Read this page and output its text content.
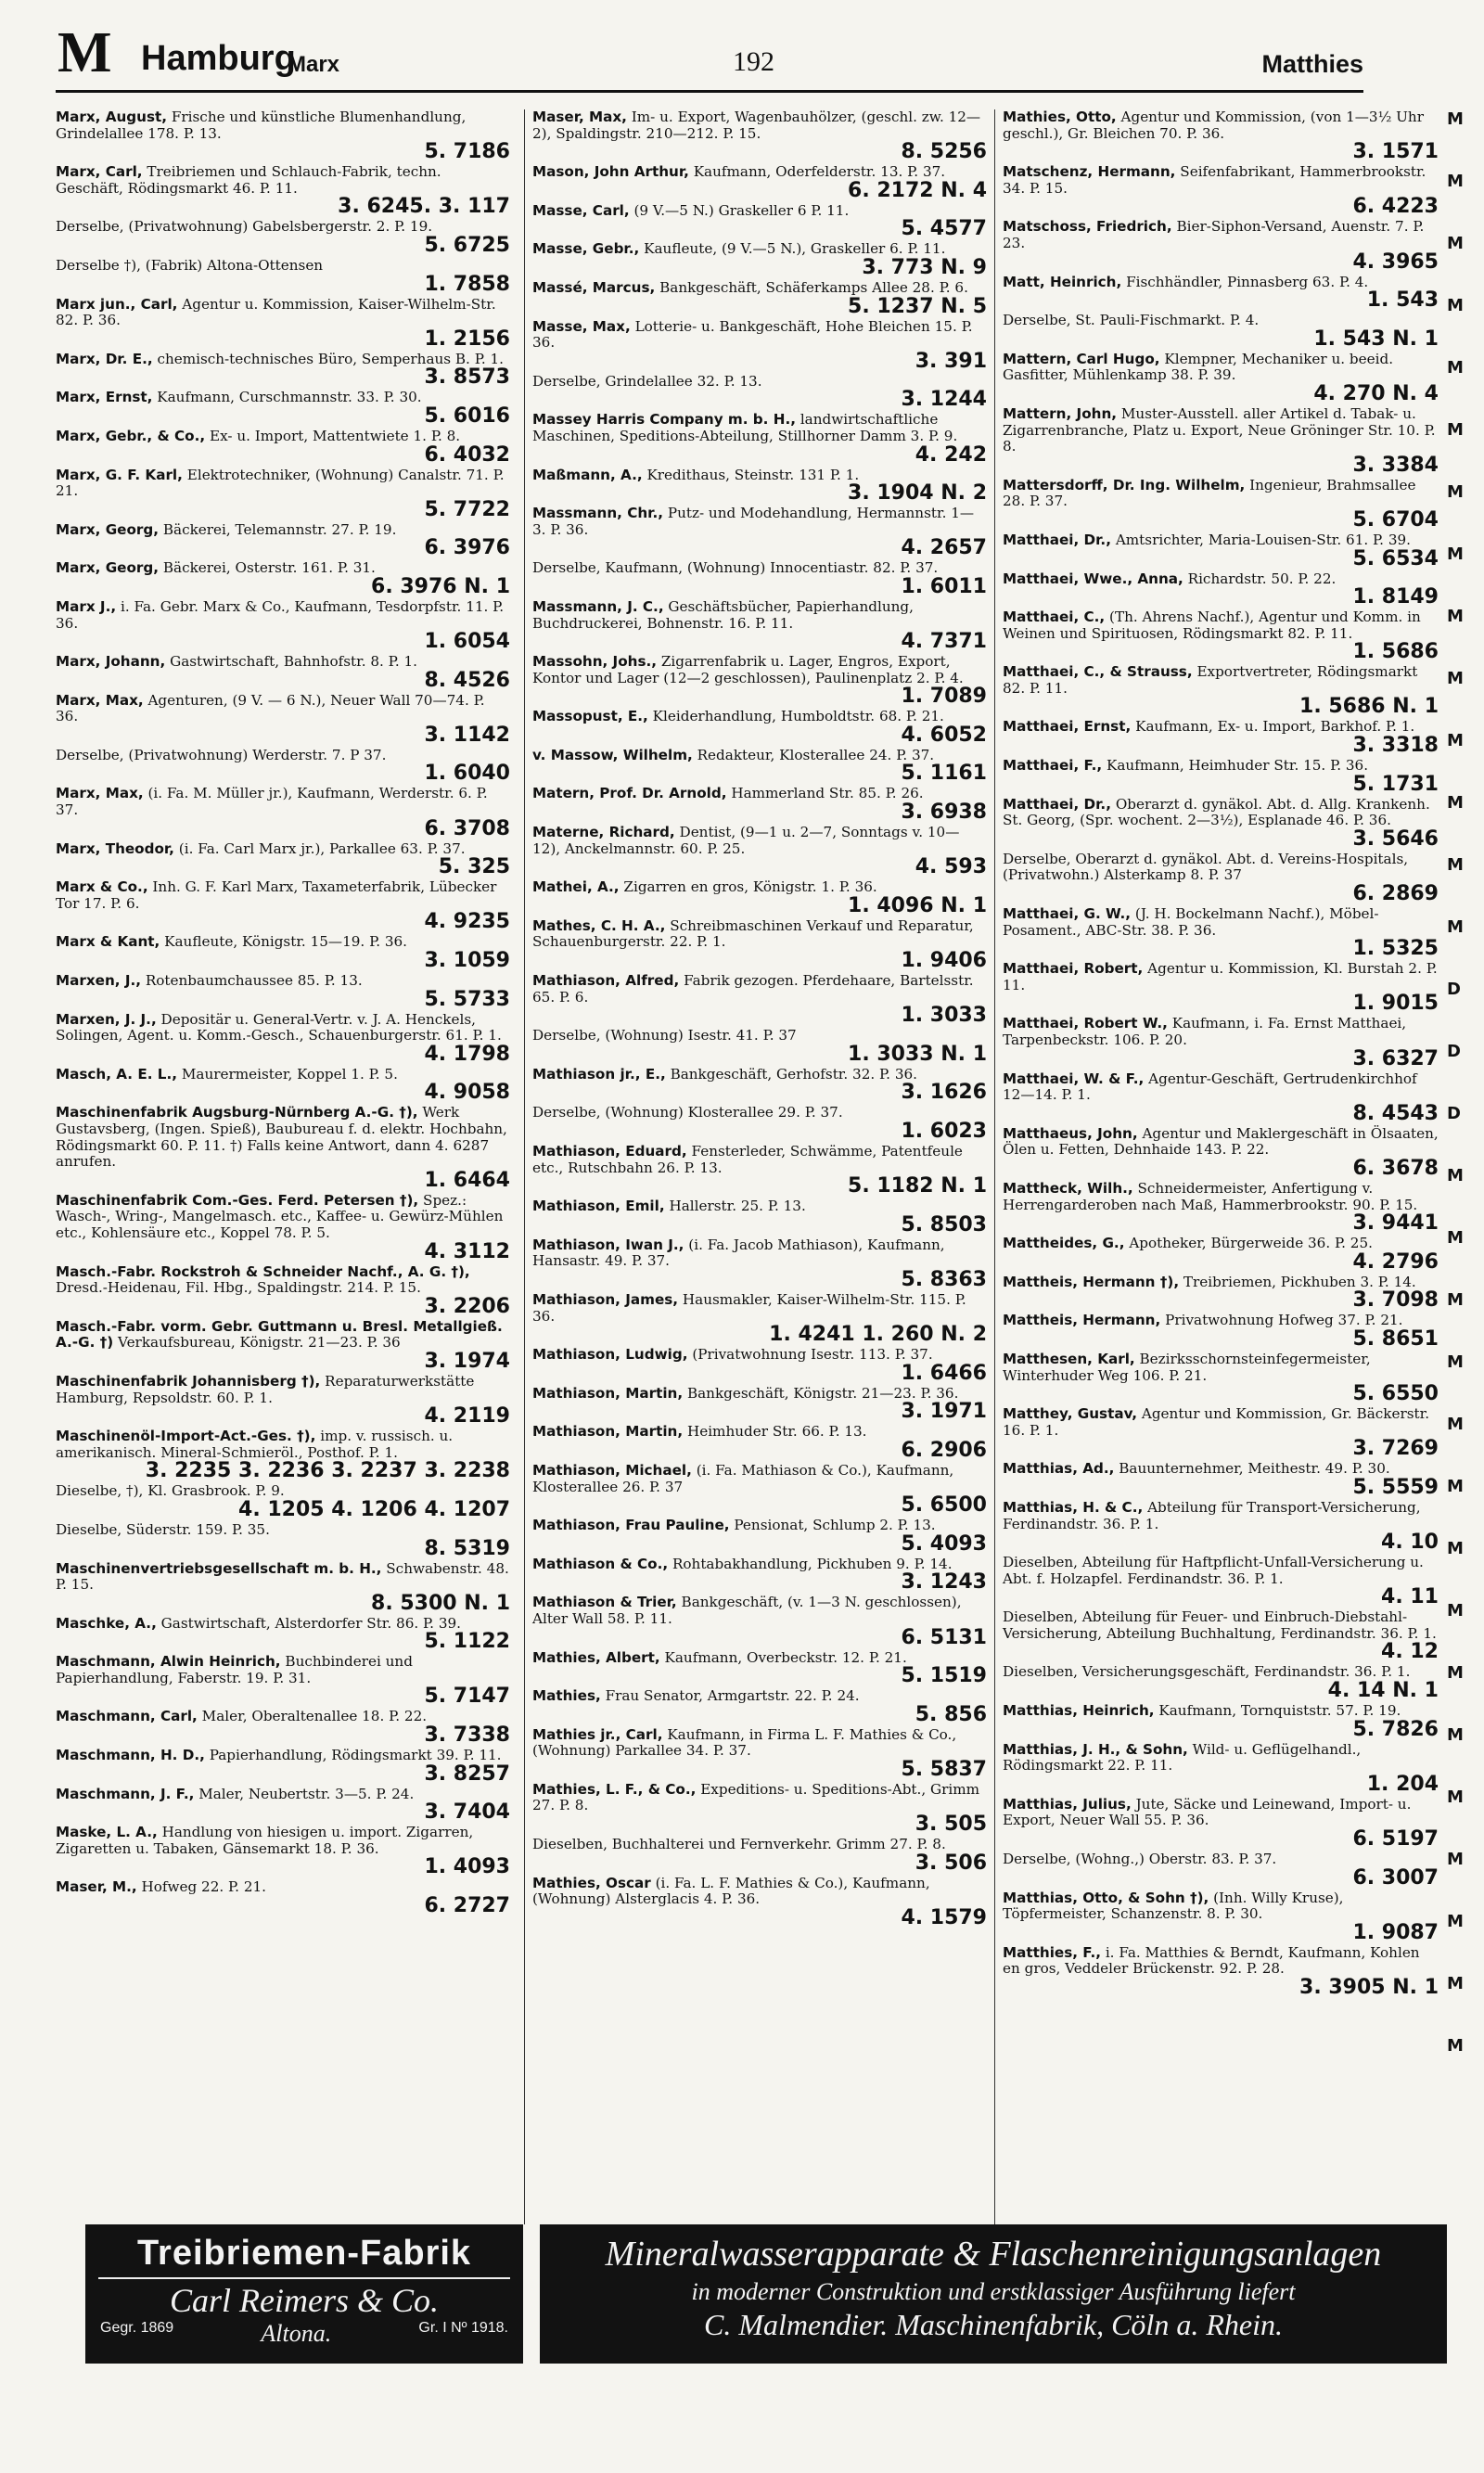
M Hamburg
Marx	192	Matthies
Marx, August, Frische und künstliche Blumenhandlung, Grindelallee 178. P. 13.
5. 7186
Marx, Carl, Treibriemen und Schlauch-Fabrik, techn. Geschäft, Rödingsmarkt 46. P. 11.
3. 6245. 3. 117
Derselbe, (Privatwohnung) Gabelsbergerstr. 2. P. 19.
5. 6725
Derselbe †), (Fabrik) Altona-Ottensen
1. 7858
Marx jun., Carl, Agentur u. Kommission, Kaiser-Wilhelm-Str. 82. P. 36.
1. 2156
Marx, Dr. E., chemisch-technisches Büro, Semperhaus B. P. 1.
3. 8573
Marx, Ernst, Kaufmann, Curschmannstr. 33. P. 30.
5. 6016
Marx, Gebr., & Co., Ex- u. Import, Mattentwiete 1. P. 8.
6. 4032
Marx, G. F. Karl, Elektrotechniker, (Wohnung) Canalstr. 71. P. 21.
5. 7722
Marx, Georg, Bäckerei, Telemannstr. 27. P. 19.
6. 3976
Marx, Georg, Bäckerei, Osterstr. 161. P. 31.
6. 3976 N. 1
Marx J., i. Fa. Gebr. Marx & Co., Kaufmann, Tesdorpfstr. 11. P. 36.
1. 6054
Marx, Johann, Gastwirtschaft, Bahnhofstr. 8. P. 1.
8. 4526
Marx, Max, Agenturen, (9 V. — 6 N.), Neuer Wall 70—74. P. 36.
3. 1142
Derselbe, (Privatwohnung) Werderstr. 7. P 37.
1. 6040
Marx, Max, (i. Fa. M. Müller jr.), Kaufmann, Werderstr. 6. P. 37.
6. 3708
Marx, Theodor, (i. Fa. Carl Marx jr.), Parkallee 63. P. 37.
5. 325
Marx & Co., Inh. G. F. Karl Marx, Taxameterfabrik, Lübecker Tor 17. P. 6.
4. 9235
Marx & Kant, Kaufleute, Königstr. 15—19. P. 36.
3. 1059
Marxen, J., Rotenbaumchaussee 85. P. 13.
5. 5733
Marxen, J. J., Depositär u. General-Vertr. v. J. A. Henckels, Solingen, Agent. u. Komm.-Gesch., Schauenburgerstr. 61. P. 1.
4. 1798
Masch, A. E. L., Maurermeister, Koppel 1. P. 5.
4. 9058
Maschinenfabrik Augsburg-Nürnberg A.-G. †), Werk Gustavsberg, (Ingen. Spieß), Baubureau f. d. elektr. Hochbahn, Rödingsmarkt 60. P. 11. †) Falls keine Antwort, dann 4. 6287 anrufen.
1. 6464
Maschinenfabrik Com.-Ges. Ferd. Petersen †), Spez.: Wasch-, Wring-, Mangelmasch. etc., Kaffee- u. Gewürz-Mühlen etc., Kohlensäure etc., Koppel 78. P. 5.
4. 3112
Masch.-Fabr. Rockstroh & Schneider Nachf., A. G. †), Dresd.-Heidenau, Fil. Hbg., Spaldingstr. 214. P. 15.
3. 2206
Masch.-Fabr. vorm. Gebr. Guttmann u. Bresl. Metallgieß. A.-G. †) Verkaufsbureau, Königstr. 21—23. P. 36
3. 1974
Maschinenfabrik Johannisberg †), Reparaturwerkstätte Hamburg, Repsoldstr. 60. P. 1.
4. 2119
Maschinenöl-Import-Act.-Ges. †), imp. v. russisch. u. amerikanisch. Mineral-Schmieröl., Posthof. P. 1.
3. 2235 3. 2236 3. 2237 3. 2238
Dieselbe, †), Kl. Grasbrook. P. 9.
4. 1205 4. 1206 4. 1207
Dieselbe, Süderstr. 159. P. 35.
8. 5319
Maschinenvertriebsgesellschaft m. b. H., Schwabenstr. 48. P. 15.
8. 5300 N. 1
Maschke, A., Gastwirtschaft, Alsterdorfer Str. 86. P. 39.
5. 1122
Maschmann, Alwin Heinrich, Buchbinderei und Papierhandlung, Faberstr. 19. P. 31.
5. 7147
Maschmann, Carl, Maler, Oberaltenallee 18. P. 22.
3. 7338
Maschmann, H. D., Papierhandlung, Rödingsmarkt 39. P. 11.
3. 8257
Maschmann, J. F., Maler, Neubertstr. 3—5. P. 24.
3. 7404
Maske, L. A., Handlung von hiesigen u. import. Zigarren, Zigaretten u. Tabaken, Gänsemarkt 18. P. 36.
1. 4093
Maser, M., Hofweg 22. P. 21.
6. 2727
Maser, Max, Im- u. Export, Wagenbauhölzer, (geschl. zw. 12—2), Spaldingstr. 210—212. P. 15.
8. 5256
Mason, John Arthur, Kaufmann, Oderfelderstr. 13. P. 37.
6. 2172 N. 4
Masse, Carl, (9 V.—5 N.) Graskeller 6 P. 11.
5. 4577
Masse, Gebr., Kaufleute, (9 V.—5 N.), Graskeller 6. P. 11.
3. 773 N. 9
Massé, Marcus, Bankgeschäft, Schäferkamps Allee 28. P. 6.
5. 1237 N. 5
Masse, Max, Lotterie- u. Bankgeschäft, Hohe Bleichen 15. P. 36.
3. 391
Derselbe, Grindelallee 32. P. 13.
3. 1244
Massey Harris Company m. b. H., landwirtschaftliche Maschinen, Speditions-Abteilung, Stillhorner Damm 3. P. 9.
4. 242
Maßmann, A., Kredithaus, Steinstr. 131 P. 1.
3. 1904 N. 2
Massmann, Chr., Putz- und Modehandlung, Hermannstr. 1—3. P. 36.
4. 2657
Derselbe, Kaufmann, (Wohnung) Innocentiastr. 82. P. 37.
1. 6011
Massmann, J. C., Geschäftsbücher, Papierhandlung, Buchdruckerei, Bohnenstr. 16. P. 11.
4. 7371
Massohn, Johs., Zigarrenfabrik u. Lager, Engros, Export, Kontor und Lager (12—2 geschlossen), Paulinenplatz 2. P. 4.
1. 7089
Massopust, E., Kleiderhandlung, Humboldtstr. 68. P. 21.
4. 6052
v. Massow, Wilhelm, Redakteur, Klosterallee 24. P. 37.
5. 1161
Matern, Prof. Dr. Arnold, Hammerland Str. 85. P. 26.
3. 6938
Materne, Richard, Dentist, (9—1 u. 2—7, Sonntags v. 10—12), Anckelmannstr. 60. P. 25.
4. 593
Mathei, A., Zigarren en gros, Königstr. 1. P. 36.
1. 4096 N. 1
Mathes, C. H. A., Schreibmaschinen Verkauf und Reparatur, Schauenburgerstr. 22. P. 1.
1. 9406
Mathiason, Alfred, Fabrik gezogen. Pferdehaare, Bartelsstr. 65. P. 6.
1. 3033
Derselbe, (Wohnung) Isestr. 41. P. 37
1. 3033 N. 1
Mathiason jr., E., Bankgeschäft, Gerhofstr. 32. P. 36.
3. 1626
Derselbe, (Wohnung) Klosterallee 29. P. 37.
1. 6023
Mathiason, Eduard, Fensterleder, Schwämme, Patentfeule etc., Rutschbahn 26. P. 13.
5. 1182 N. 1
Mathiason, Emil, Hallerstr. 25. P. 13.
5. 8503
Mathiason, Iwan J., (i. Fa. Jacob Mathiason), Kaufmann, Hansastr. 49. P. 37.
5. 8363
Mathiason, James, Hausmakler, Kaiser-Wilhelm-Str. 115. P. 36.
1. 4241 1. 260 N. 2
Mathiason, Ludwig, (Privatwohnung Isestr. 113. P. 37.
1. 6466
Mathiason, Martin, Bankgeschäft, Königstr. 21—23. P. 36.
3. 1971
Mathiason, Martin, Heimhuder Str. 66. P. 13.
6. 2906
Mathiason, Michael, (i. Fa. Mathiason & Co.), Kaufmann, Klosterallee 26. P. 37
5. 6500
Mathiason, Frau Pauline, Pensionat, Schlump 2. P. 13.
5. 4093
Mathiason & Co., Rohtabakhandlung, Pickhuben 9. P. 14.
3. 1243
Mathiason & Trier, Bankgeschäft, (v. 1—3 N. geschlossen), Alter Wall 58. P. 11.
6. 5131
Mathies, Albert, Kaufmann, Overbeckstr. 12. P. 21.
5. 1519
Mathies, Frau Senator, Armgartstr. 22. P. 24.
5. 856
Mathies jr., Carl, Kaufmann, in Firma L. F. Mathies & Co., (Wohnung) Parkallee 34. P. 37.
5. 5837
Mathies, L. F., & Co., Expeditions- u. Speditions-Abt., Grimm 27. P. 8.
3. 505
Dieselben, Buchhalterei und Fernverkehr. Grimm 27. P. 8.
3. 506
Mathies, Oscar (i. Fa. L. F. Mathies & Co.), Kaufmann, (Wohnung) Alsterglacis 4. P. 36.
4. 1579
Mathies, Otto, Agentur und Kommission, (von 1—3½ Uhr geschl.), Gr. Bleichen 70. P. 36.
3. 1571
Matschenz, Hermann, Seifenfabrikant, Hammerbrookstr. 34. P. 15.
6. 4223
Matschoss, Friedrich, Bier-Siphon-Versand, Auenstr. 7. P. 23.
4. 3965
Matt, Heinrich, Fischhändler, Pinnasberg 63. P. 4.
1. 543
Derselbe, St. Pauli-Fischmarkt. P. 4.
1. 543 N. 1
Mattern, Carl Hugo, Klempner, Mechaniker u. beeid. Gasfitter, Mühlenkamp 38. P. 39.
4. 270 N. 4
Mattern, John, Muster-Ausstell. aller Artikel d. Tabak- u. Zigarrenbranche, Platz u. Export, Neue Gröninger Str. 10. P. 8.
3. 3384
Mattersdorff, Dr. Ing. Wilhelm, Ingenieur, Brahmsallee 28. P. 37.
5. 6704
Matthaei, Dr., Amtsrichter, Maria-Louisen-Str. 61. P. 39.
5. 6534
Matthaei, Wwe., Anna, Richardstr. 50. P. 22.
1. 8149
Matthaei, C., (Th. Ahrens Nachf.), Agentur und Komm. in Weinen und Spirituosen, Rödingsmarkt 82. P. 11.
1. 5686
Matthaei, C., & Strauss, Exportvertreter, Rödingsmarkt 82. P. 11.
1. 5686 N. 1
Matthaei, Ernst, Kaufmann, Ex- u. Import, Barkhof. P. 1.
3. 3318
Matthaei, F., Kaufmann, Heimhuder Str. 15. P. 36.
5. 1731
Matthaei, Dr., Oberarzt d. gynäkol. Abt. d. Allg. Krankenh. St. Georg, (Spr. wochent. 2—3½), Esplanade 46. P. 36.
3. 5646
Derselbe, Oberarzt d. gynäkol. Abt. d. Vereins-Hospitals, (Privatwohn.) Alsterkamp 8. P. 37
6. 2869
Matthaei, G. W., (J. H. Bockelmann Nachf.), Möbel-Posament., ABC-Str. 38. P. 36.
1. 5325
Matthaei, Robert, Agentur u. Kommission, Kl. Burstah 2. P. 11.
1. 9015
Matthaei, Robert W., Kaufmann, i. Fa. Ernst Matthaei, Tarpenbeckstr. 106. P. 20.
3. 6327
Matthaei, W. & F., Agentur-Geschäft, Gertrudenkirchhof 12—14. P. 1.
8. 4543
Matthaeus, John, Agentur und Maklergeschäft in Ölsaaten, Ölen u. Fetten, Dehnhaide 143. P. 22.
6. 3678
Mattheck, Wilh., Schneidermeister, Anfertigung v. Herrengarderoben nach Maß, Hammerbrookstr. 90. P. 15.
3. 9441
Mattheides, G., Apotheker, Bürgerweide 36. P. 25.
4. 2796
Mattheis, Hermann †), Treibriemen, Pickhuben 3. P. 14.
3. 7098
Mattheis, Hermann, Privatwohnung Hofweg 37. P. 21.
5. 8651
Matthesen, Karl, Bezirksschornsteinfegermeister, Winterhuder Weg 106. P. 21.
5. 6550
Matthey, Gustav, Agentur und Kommission, Gr. Bäckerstr. 16. P. 1.
3. 7269
Matthias, Ad., Bauunternehmer, Meithestr. 49. P. 30.
5. 5559
Matthias, H. & C., Abteilung für Transport-Versicherung, Ferdinandstr. 36. P. 1.
4. 10
Dieselben, Abteilung für Haftpflicht-Unfall-Versicherung u. Abt. f. Holzapfel. Ferdinandstr. 36. P. 1.
4. 11
Dieselben, Abteilung für Feuer- und Einbruch-Diebstahl-Versicherung, Abteilung Buchhaltung, Ferdinandstr. 36. P. 1.
4. 12
Dieselben, Versicherungsgeschäft, Ferdinandstr. 36. P. 1.
4. 14 N. 1
Matthias, Heinrich, Kaufmann, Tornquiststr. 57. P. 19.
5. 7826
Matthias, J. H., & Sohn, Wild- u. Geflügelhandl., Rödingsmarkt 22. P. 11.
1. 204
Matthias, Julius, Jute, Säcke und Leinewand, Import- u. Export, Neuer Wall 55. P. 36.
6. 5197
Derselbe, (Wohng.,) Oberstr. 83. P. 37.
6. 3007
Matthias, Otto, & Sohn †), (Inh. Willy Kruse), Töpfermeister, Schanzenstr. 8. P. 30.
1. 9087
Matthies, F., i. Fa. Matthies & Berndt, Kaufmann, Kohlen en gros, Veddeler Brückenstr. 92. P. 28.
3. 3905 N. 1
M
M
M
M
M
M
M
M
M
M
M
M
M
M
D
D
D
M
M
M
M
M
M
M
M
M
M
M
M
M
M
M
Treibriemen-Fabrik
Carl Reimers & Co.
Gegr. 1869	Altona.	Gr. I Nº 1918.
Mineralwasserapparate & Flaschenreinigungsanlagen
in moderner Construktion und erstklassiger Ausführung liefert
C. Malmendier. Maschinenfabrik, Cöln a. Rhein.
